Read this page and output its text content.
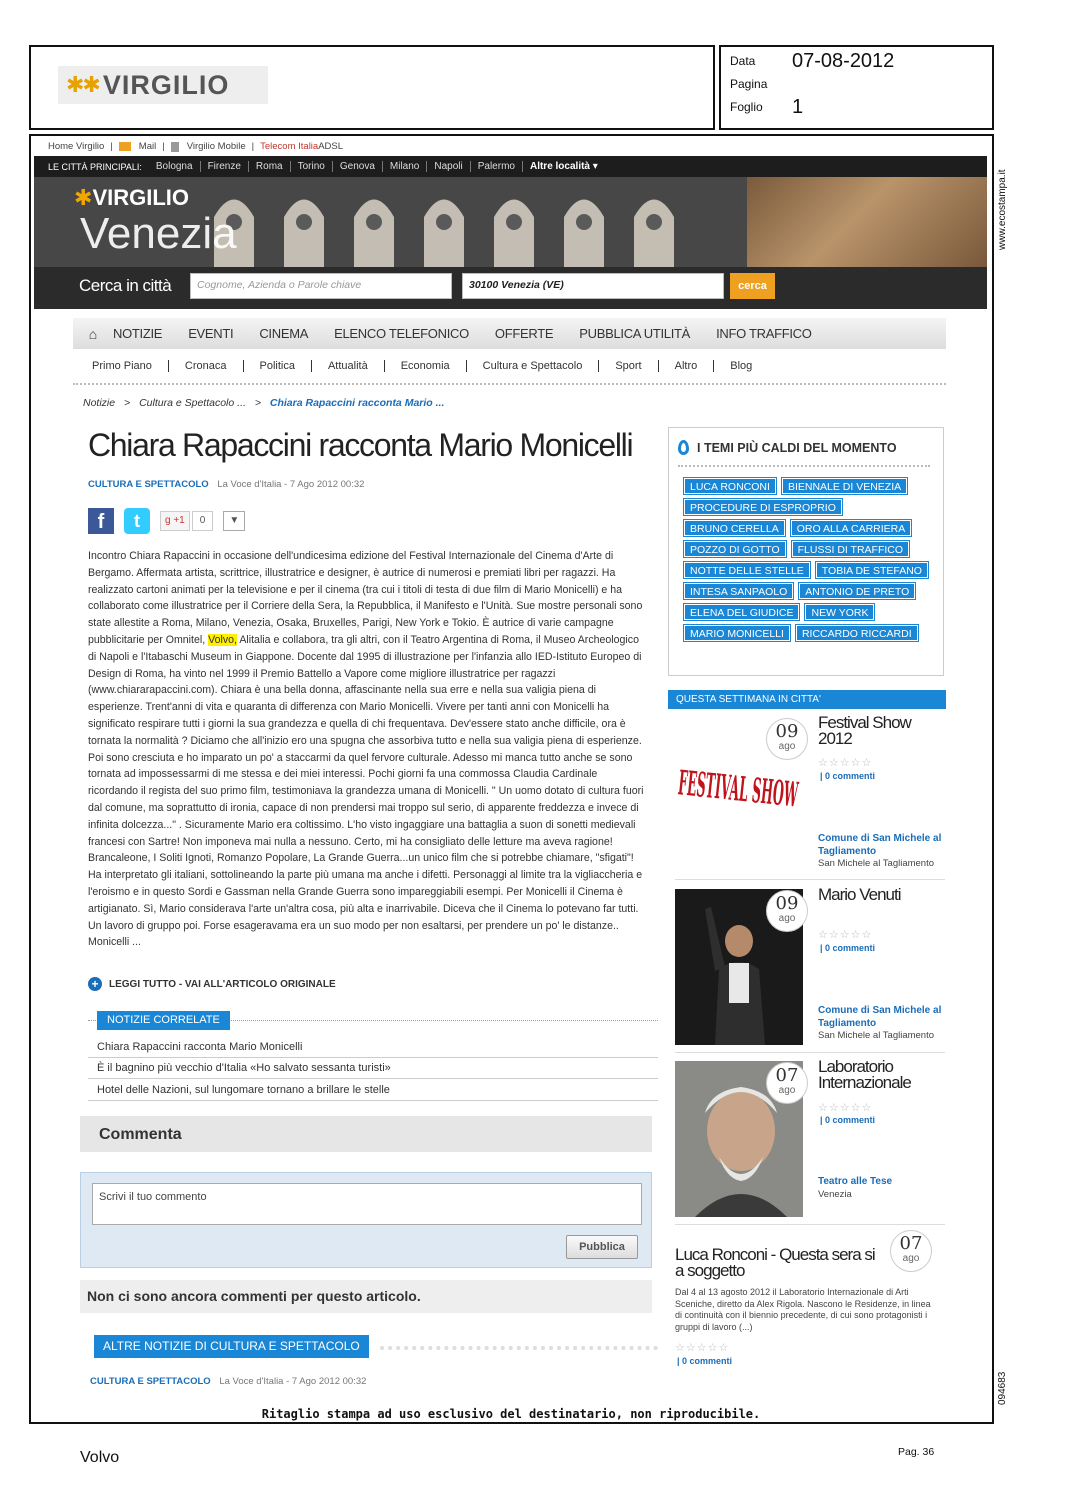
✱✱ VIRGILIO
Data 07-08-2012
Pagina
Foglio 1
Home Virgilio |	Mail | Virgilio Mobile | Telecom Italia ADSL
LE CITTÀ PRINCIPALI:	Bologna	Firenze	Roma	Torino	Genova	Milano	Napoli	Palermo	Altre località ▾
✱VIRGILIO
Venezia
Cerca in città	Cognome, Azienda o Parole chiave	30100 Venezia (VE)	cerca
⌂	NOTIZIE EVENTI CINEMA ELENCO TELEFONICO OFFERTE PUBBLICA UTILITÀ INFO TRAFFICO
Primo Piano	Cronaca	Politica	Attualità	Economia	Cultura e Spettacolo	Sport	Altro	Blog
Notizie > Cultura e Spettacolo ... > Chiara Rapaccini racconta Mario ...
Chiara Rapaccini racconta Mario Monicelli
CULTURA E SPETTACOLO La Voce d'Italia - 7 Ago 2012 00:32
f	t	g +1	0	▼
Incontro Chiara Rapaccini in occasione dell'undicesima edizione del Festival Internazionale del Cinema d'Arte di Bergamo. Affermata artista, scrittrice, illustratrice e designer, è autrice di numerosi e premiati libri per ragazzi. Ha realizzato cartoni animati per la televisione e per il cinema (tra cui i titoli di testa di due film di Mario Monicelli) e ha collaborato come illustratrice per il Corriere della Sera, la Repubblica, il Manifesto e l'Unità. Sue mostre personali sono state allestite a Roma, Milano, Venezia, Osaka, Bruxelles, Parigi, New York e Tokio. È autrice di varie campagne pubblicitarie per Omnitel, Volvo, Alitalia e collabora, tra gli altri, con il Teatro Argentina di Roma, il Museo Archeologico di Napoli e l'Itabaschi Museum in Giappone. Docente dal 1995 di illustrazione per l'infanzia allo IED-Istituto Europeo di Design di Roma, ha vinto nel 1999 il Premio Battello a Vapore come migliore illustratrice per ragazzi (www.chiararapaccini.com). Chiara è una bella donna, affascinante nella sua erre e nella sua valigia piena di esperienze. Trent'anni di vita e quaranta di differenza con Mario Monicelli. Vivere per tanti anni con Monicelli ha significato respirare tutti i giorni la sua grandezza e quella di chi frequentava. Dev'essere stato anche difficile, ora è tornata la normalità ? Diciamo che all'inizio ero una spugna che assorbiva tutto e nella sua valigia piena di esperienze. Poi sono cresciuta e ho imparato un po' a staccarmi da quel fervore culturale. Adesso mi manca tutto anche se sono tornata ad impossessarmi di me stessa e dei miei interessi. Pochi giorni fa una commossa Claudia Cardinale ricordando il regista del suo primo film, testimoniava la grandezza umana di Monicelli. " Un uomo dotato di cultura fuori dal comune, ma soprattutto di ironia, capace di non prendersi mai troppo sul serio, di apparente freddezza e invece di infinita dolcezza..." . Sicuramente Mario era coltissimo. L'ho visto ingaggiare una battaglia a suon di sonetti medievali francesi con Sartre! Non imponeva mai nulla a nessuno. Certo, mi ha consigliato delle letture ma aveva ragione! Brancaleone, I Soliti Ignoti, Romanzo Popolare, La Grande Guerra...un unico film che si potrebbe chiamare, "sfigati"! Ha interpretato gli italiani, sottolineando la parte più umana ma anche i difetti. Personaggi al limite tra la vigliaccheria e l'eroismo e in questo Sordi e Gassman nella Grande Guerra sono impareggiabili esempi. Per Monicelli il Cinema è artigianato. Sì, Mario considerava l'arte un'altra cosa, più alta e inarrivabile. Diceva che il Cinema lo potevano far tutti. Un lavoro di gruppo poi. Forse esageravama era un suo modo per non esaltarsi, per prendere un po' le distanze.. Monicelli ...
+	LEGGI TUTTO - VAI ALL'ARTICOLO ORIGINALE
NOTIZIE CORRELATE
Chiara Rapaccini racconta Mario Monicelli
È il bagnino più vecchio d'Italia «Ho salvato sessanta turisti»
Hotel delle Nazioni, sul lungomare tornano a brillare le stelle
Commenta
Scrivi il tuo commento
Pubblica
Non ci sono ancora commenti per questo articolo.
ALTRE NOTIZIE DI CULTURA E SPETTACOLO
CULTURA E SPETTACOLO La Voce d'Italia - 7 Ago 2012 00:32
I TEMI PIÙ CALDI DEL MOMENTO
LUCA RONCONI	BIENNALE DI VENEZIA
PROCEDURE DI ESPROPRIO
BRUNO CERELLA	ORO ALLA CARRIERA
POZZO DI GOTTO	FLUSSI DI TRAFFICO
NOTTE DELLE STELLE	TOBIA DE STEFANO
INTESA SANPAOLO	ANTONIO DE PRETO
ELENA DEL GIUDICE	NEW YORK
MARIO MONICELLI	RICCARDO RICCARDI
QUESTA SETTIMANA IN CITTA'
FESTIVAL
09
ago
Festival Show 2012
☆☆☆☆☆
| 0 commenti
Comune di San Michele al Tagliamento
San Michele al Tagliamento
09
ago
Mario Venuti
☆☆☆☆☆
| 0 commenti
Comune di San Michele al Tagliamento
San Michele al Tagliamento
07
ago
Laboratorio Internazionale
☆☆☆☆☆
| 0 commenti
Teatro alle Tese
Venezia
Luca Ronconi - Questa sera si a soggetto
07
ago
Dal 4 al 13 agosto 2012 il Laboratorio Internazionale di Arti Sceniche, diretto da Alex Rigola. Nascono le Residenze, in linea di continuità con il biennio precedente, di cui sono protagonisti i gruppi di lavoro (...)
☆☆☆☆☆
| 0 commenti
Ritaglio stampa ad uso esclusivo del destinatario, non riproducibile.
www.ecostampa.it
094683
Volvo	Pag. 36
